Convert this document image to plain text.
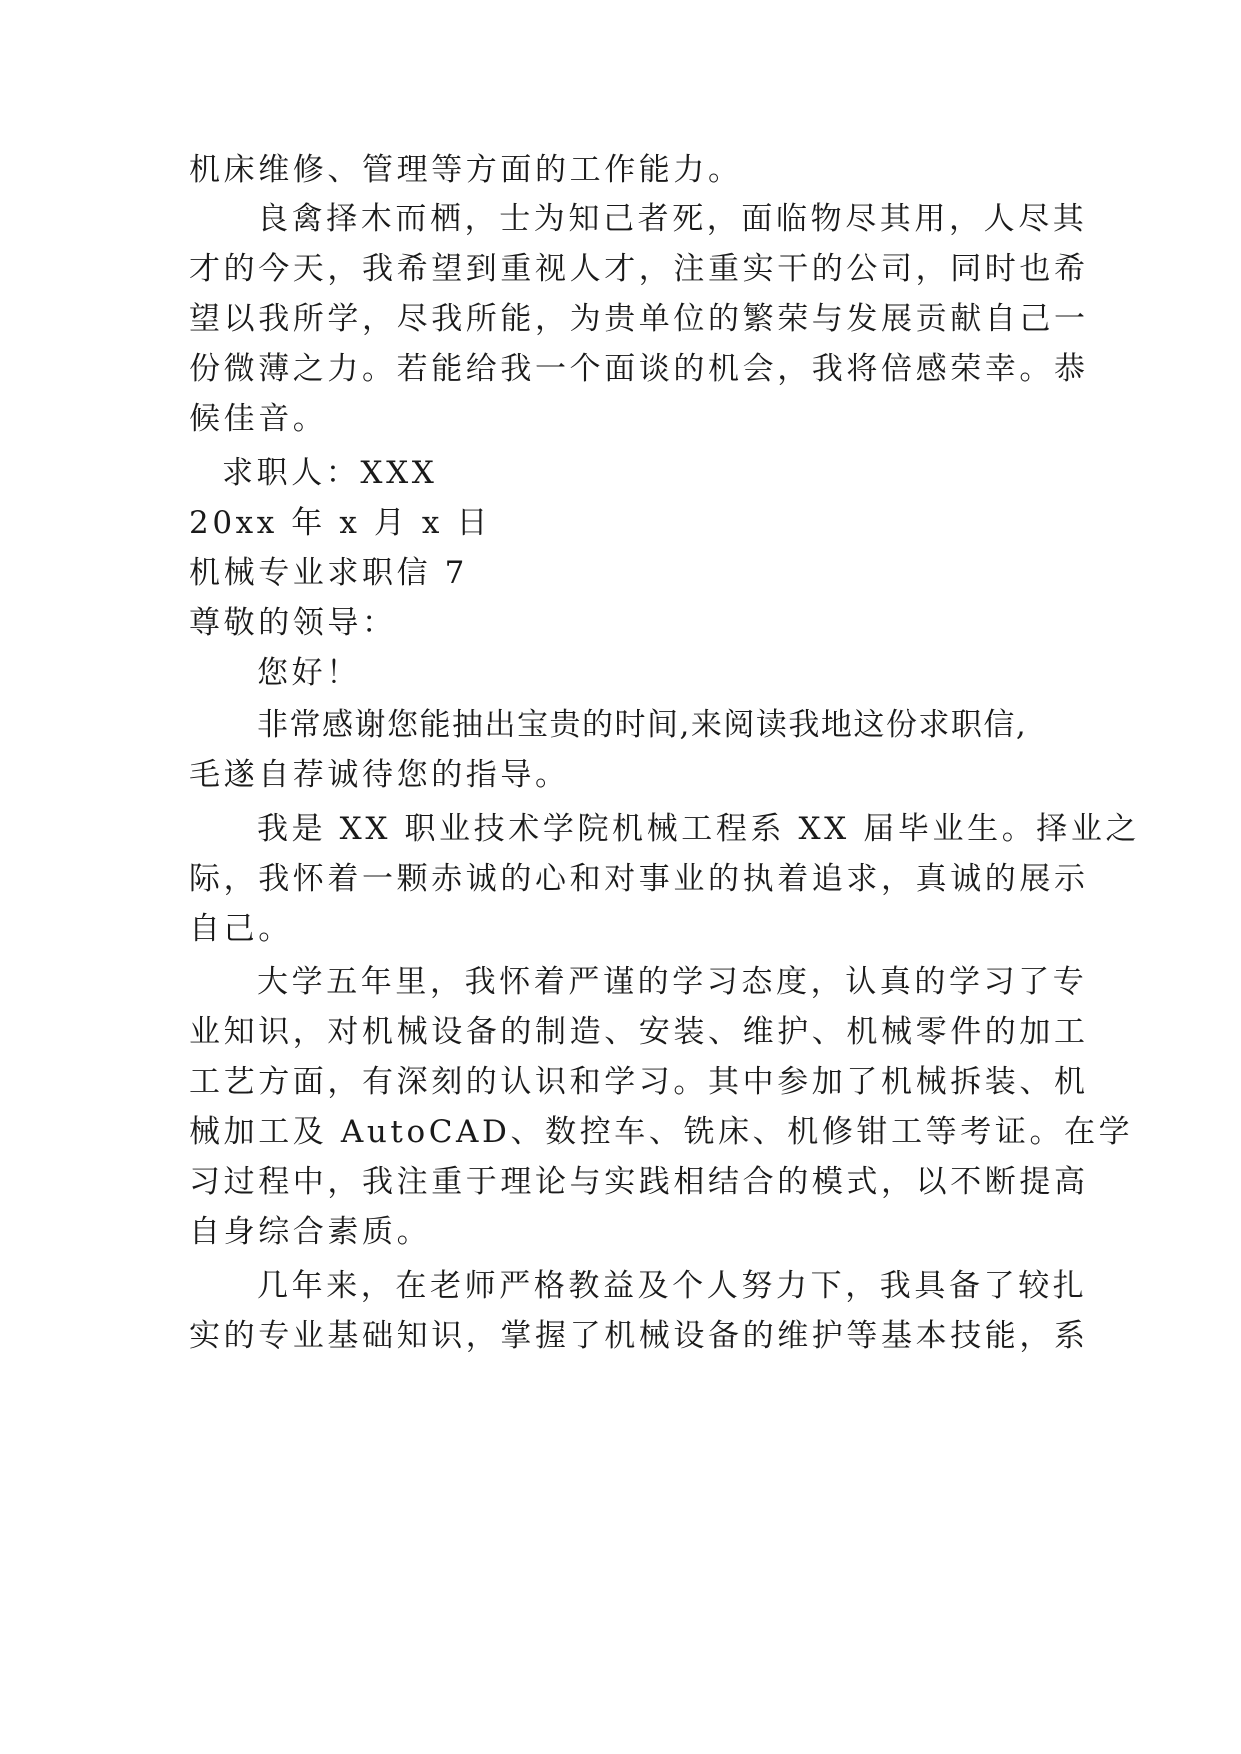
机床维修、管理等方面的工作能力。
良禽择木而栖，士为知己者死，面临物尽其用，人尽其
才的今天，我希望到重视人才，注重实干的公司，同时也希
望以我所学，尽我所能，为贵单位的繁荣与发展贡献自己一
份微薄之力。若能给我一个面谈的机会，我将倍感荣幸。恭
候佳音。
求职人：XXX
20xx 年 x 月 x 日
机械专业求职信 7
尊敬的领导：
您好！
非常感谢您能抽出宝贵的时间,来阅读我地这份求职信,
毛遂自荐诚待您的指导。
我是 XX 职业技术学院机械工程系 XX 届毕业生。择业之
际，我怀着一颗赤诚的心和对事业的执着追求，真诚的展示
自己。
大学五年里，我怀着严谨的学习态度，认真的学习了专
业知识，对机械设备的制造、安装、维护、机械零件的加工
工艺方面，有深刻的认识和学习。其中参加了机械拆装、机
械加工及 AutoCAD、数控车、铣床、机修钳工等考证。在学
习过程中，我注重于理论与实践相结合的模式，以不断提高
自身综合素质。
几年来，在老师严格教益及个人努力下，我具备了较扎
实的专业基础知识，掌握了机械设备的维护等基本技能，系
